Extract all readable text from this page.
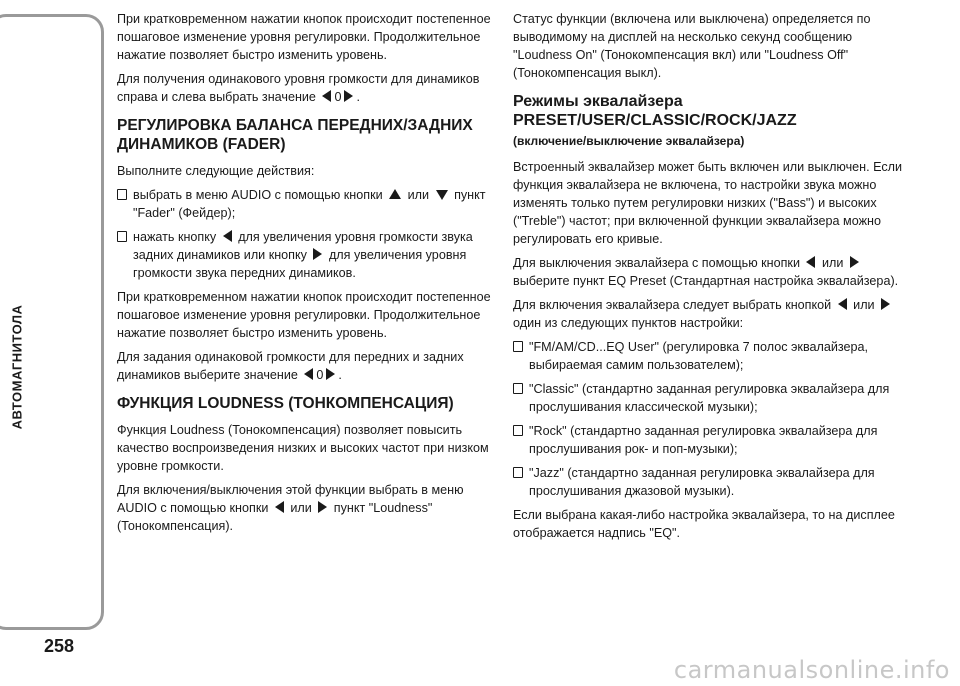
АВТОМАГНИТОЛА
258

При кратковременном нажатии кнопок происходит постепенное пошаговое изменение уровня регулировки. Продолжительное нажатие позволяет быстро изменить уровень.

Для получения одинакового уровня громкости для динамиков справа и слева выбрать значение 0 .

РЕГУЛИРОВКА БАЛАНСА ПЕРЕДНИХ/ЗАДНИХ ДИНАМИКОВ (FADER)

Выполните следующие действия:

выбрать в меню AUDIO с помощью кнопки или пункт "Fader" (Фейдер);
нажать кнопку для увеличения уровня громкости звука задних динамиков или кнопку для увеличения уровня громкости звука передних динамиков.

При кратковременном нажатии кнопок происходит постепенное пошаговое изменение уровня регулировки. Продолжительное нажатие позволяет быстро изменить уровень.

Для задания одинаковой громкости для передних и задних динамиков выберите значение 0 .

ФУНКЦИЯ LOUDNESS (ТОНКОМПЕНСАЦИЯ)

Функция Loudness (Тонокомпенсация) позволяет повысить качество воспроизведения низких и высоких частот при низком уровне громкости.

Для включения/выключения этой функции выбрать в меню AUDIO с помощью кнопки или пункт "Loudness" (Тонокомпенсация).

Статус функции (включена или выключена) определяется по выводимому на дисплей на несколько секунд сообщению "Loudness On" (Тонокомпенсация вкл) или "Loudness Off" (Тонокомпенсация выкл).

Режимы эквалайзера PRESET/USER/CLASSIC/ROCK/JAZZ
(включение/выключение эквалайзера)

Встроенный эквалайзер может быть включен или выключен. Если функция эквалайзера не включена, то настройки звука можно изменять только путем регулировки низких ("Bass") и высоких ("Treble") частот; при включенной функции эквалайзера можно регулировать его кривые.

Для выключения эквалайзера с помощью кнопки или  выберите пункт EQ Preset (Стандартная настройка эквалайзера).

Для включения эквалайзера следует выбрать кнопкой или  один из следующих пунктов настройки:

"FM/AM/CD...EQ User" (регулировка 7 полос эквалайзера, выбираемая самим пользователем);
"Classic" (стандартно заданная регулировка эквалайзера для прослушивания классической музыки);
"Rock" (стандартно заданная регулировка эквалайзера для прослушивания рок- и поп-музыки);
"Jazz" (стандартно заданная регулировка эквалайзера для прослушивания джазовой музыки).

Если выбрана какая-либо настройка эквалайзера, то на дисплее отображается надпись "EQ".

carmanualsonline.info
